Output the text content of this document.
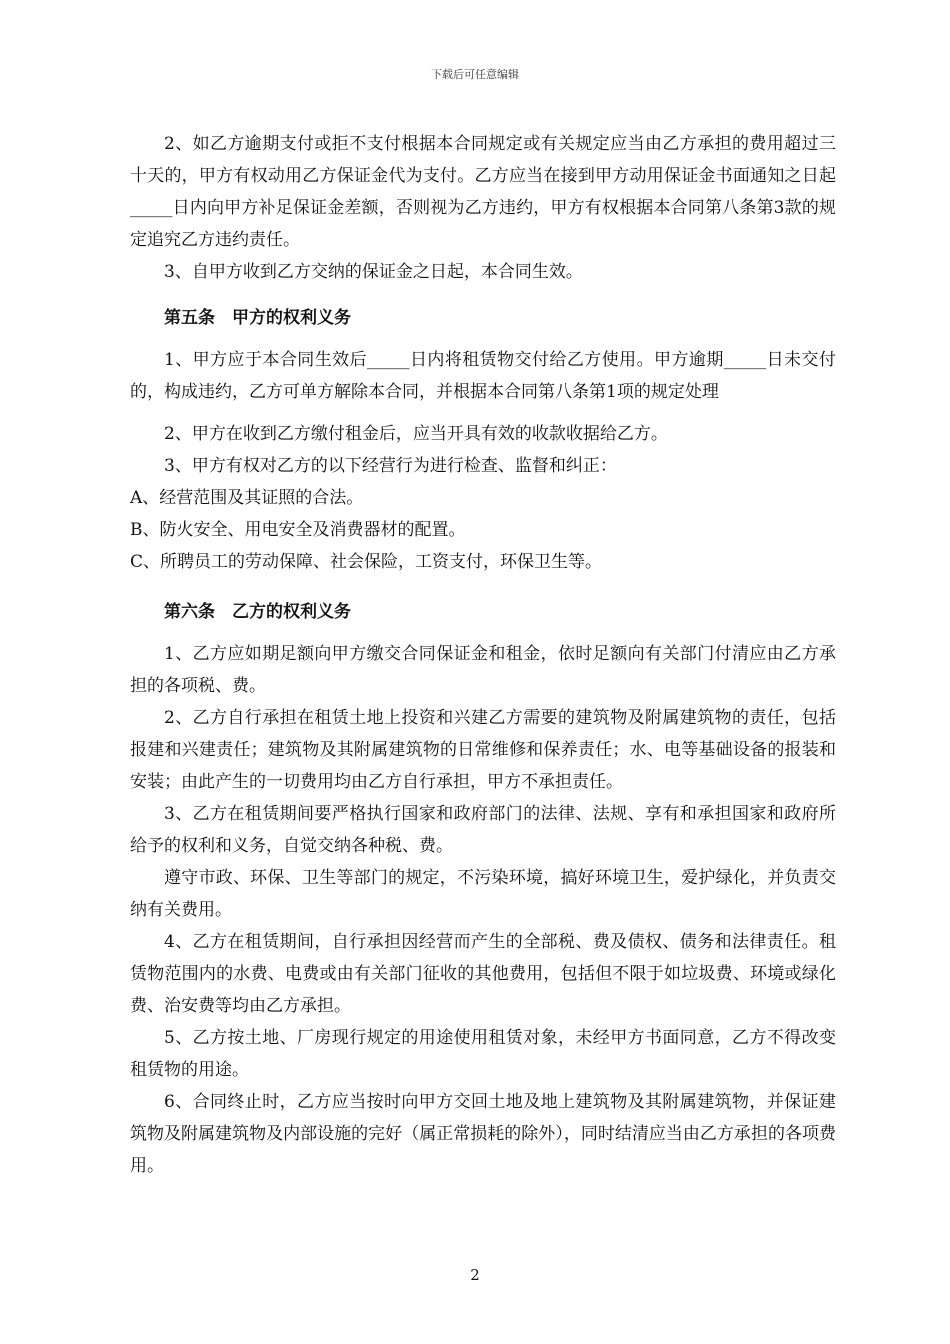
下载后可任意编辑

2、如乙方逾期支付或拒不支付根据本合同规定或有关规定应当由乙方承担的费用超过三十天的，甲方有权动用乙方保证金代为支付。乙方应当在接到甲方动用保证金书面通知之日起_____日内向甲方补足保证金差额，否则视为乙方违约，甲方有权根据本合同第八条第3款的规定追究乙方违约责任。

3、自甲方收到乙方交纳的保证金之日起，本合同生效。

第五条　甲方的权利义务

1、甲方应于本合同生效后_____日内将租赁物交付给乙方使用。甲方逾期_____日未交付的，构成违约，乙方可单方解除本合同，并根据本合同第八条第1项的规定处理

2、甲方在收到乙方缴付租金后，应当开具有效的收款收据给乙方。

3、甲方有权对乙方的以下经营行为进行检查、监督和纠正：

A、经营范围及其证照的合法。

B、防火安全、用电安全及消费器材的配置。

C、所聘员工的劳动保障、社会保险，工资支付，环保卫生等。

第六条　乙方的权利义务

1、乙方应如期足额向甲方缴交合同保证金和租金，依时足额向有关部门付清应由乙方承担的各项税、费。

2、乙方自行承担在租赁土地上投资和兴建乙方需要的建筑物及附属建筑物的责任，包括报建和兴建责任；建筑物及其附属建筑物的日常维修和保养责任；水、电等基础设备的报装和安装；由此产生的一切费用均由乙方自行承担，甲方不承担责任。

3、乙方在租赁期间要严格执行国家和政府部门的法律、法规、享有和承担国家和政府所给予的权利和义务，自觉交纳各种税、费。

遵守市政、环保、卫生等部门的规定，不污染环境，搞好环境卫生，爱护绿化，并负责交纳有关费用。

4、乙方在租赁期间，自行承担因经营而产生的全部税、费及债权、债务和法律责任。租赁物范围内的水费、电费或由有关部门征收的其他费用，包括但不限于如垃圾费、环境或绿化费、治安费等均由乙方承担。

5、乙方按土地、厂房现行规定的用途使用租赁对象，未经甲方书面同意，乙方不得改变租赁物的用途。

6、合同终止时，乙方应当按时向甲方交回土地及地上建筑物及其附属建筑物，并保证建筑物及附属建筑物及内部设施的完好（属正常损耗的除外），同时结清应当由乙方承担的各项费用。

2
